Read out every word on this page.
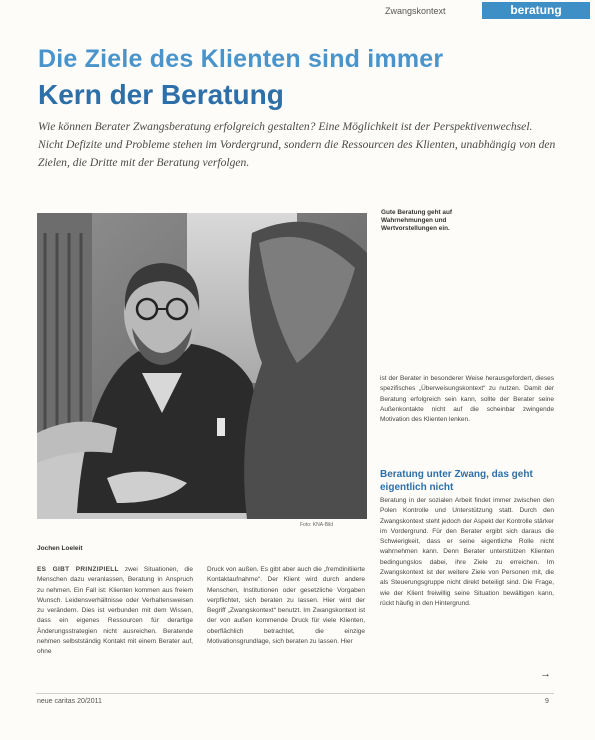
Zwangskontext	beratung
Die Ziele des Klienten sind immer
Kern der Beratung
Wie können Berater Zwangsberatung erfolgreich gestalten? Eine Möglichkeit ist der Perspektivenwechsel. Nicht Defizite und Probleme stehen im Vordergrund, sondern die Ressourcen des Klienten, unabhängig von den Zielen, die Dritte mit der Beratung verfolgen.
Gute Beratung geht auf Wahrnehmungen und Wertvorstellungen ein.
Foto: KNA-Bild
ist der Berater in besonderer Weise herausgefordert, dieses spezifisches „Überweisungskontext“ zu nutzen. Damit der Beratung erfolgreich sein kann, sollte der Berater seine Außenkontakte nicht auf die scheinbar zwingende Motivation des Klienten lenken.
Beratung unter Zwang, das geht eigentlich nicht
Beratung in der sozialen Arbeit findet immer zwischen den Polen Kontrolle und Unterstützung statt. Durch den Zwangskontext steht jedoch der Aspekt der Kontrolle stärker im Vordergrund. Für den Berater ergibt sich daraus die Schwierigkeit, dass er seine eigentliche Rolle nicht wahrnehmen kann. Denn Berater unterstützen Klienten bedingungslos dabei, ihre Ziele zu erreichen. Im Zwangskontext ist der weitere Ziele von Personen mit, die als Steuerungsgruppe nicht direkt beteiligt sind. Die Frage, wie der Klient freiwillig seine Situation bewältigen kann, rückt häufig in den Hintergrund.
Jochen Loeleit
ES GIBT PRINZIPIELL zwei Situationen, die Menschen dazu veranlassen, Beratung in Anspruch zu nehmen. Ein Fall ist: Klienten kommen aus freiem Wunsch. Leidensverhältnisse oder Verhaltensweisen zu verändern. Dies ist verbunden mit dem Wissen, dass ein eigenes Ressourcen für derartige Änderungsstrategien nicht ausreichen. Beratende nehmen selbstständig Kontakt mit einem Berater auf, ohne
Druck von außen. Es gibt aber auch die „fremdinitiierte Kontaktaufnahme“. Der Klient wird durch andere Menschen, Institutionen oder gesetzliche Vorgaben verpflichtet, sich beraten zu lassen. Hier wird der Begriff „Zwangskontext“ benutzt. Im Zwangskontext ist der von außen kommende Druck für viele Klienten, oberflächlich betrachtet, die einzige Motivationsgrundlage, sich beraten zu lassen. Hier
→
neue caritas 20/2011	9
